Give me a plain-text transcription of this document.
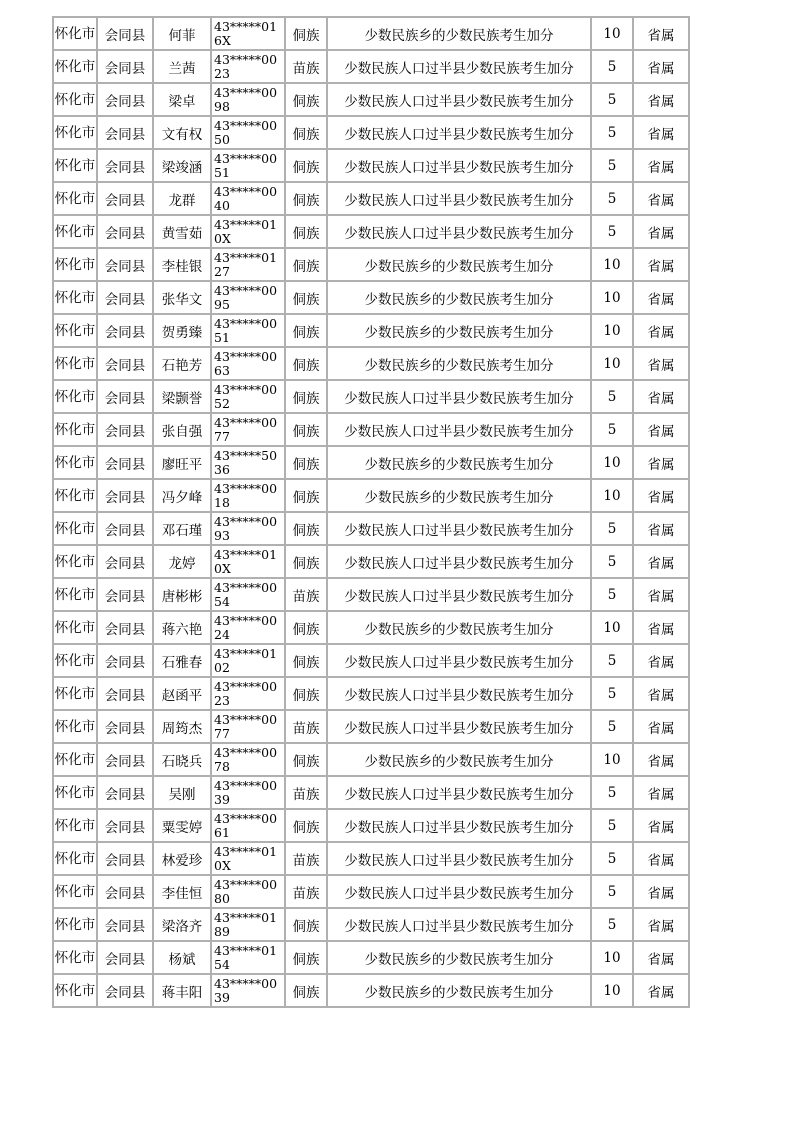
怀化市	会同县	何菲	43*****016X	侗族	少数民族乡的少数民族考生加分	10	省属
怀化市	会同县	兰茜	43*****0023	苗族	少数民族人口过半县少数民族考生加分	5	省属
怀化市	会同县	梁卓	43*****0098	侗族	少数民族人口过半县少数民族考生加分	5	省属
怀化市	会同县	文有权	43*****0050	侗族	少数民族人口过半县少数民族考生加分	5	省属
怀化市	会同县	梁竣涵	43*****0051	侗族	少数民族人口过半县少数民族考生加分	5	省属
怀化市	会同县	龙群	43*****0040	侗族	少数民族人口过半县少数民族考生加分	5	省属
怀化市	会同县	黄雪茹	43*****010X	侗族	少数民族人口过半县少数民族考生加分	5	省属
怀化市	会同县	李桂银	43*****0127	侗族	少数民族乡的少数民族考生加分	10	省属
怀化市	会同县	张华文	43*****0095	侗族	少数民族乡的少数民族考生加分	10	省属
怀化市	会同县	贺勇臻	43*****0051	侗族	少数民族乡的少数民族考生加分	10	省属
怀化市	会同县	石艳芳	43*****0063	侗族	少数民族乡的少数民族考生加分	10	省属
怀化市	会同县	梁颢誉	43*****0052	侗族	少数民族人口过半县少数民族考生加分	5	省属
怀化市	会同县	张自强	43*****0077	侗族	少数民族人口过半县少数民族考生加分	5	省属
怀化市	会同县	廖旺平	43*****5036	侗族	少数民族乡的少数民族考生加分	10	省属
怀化市	会同县	冯夕峰	43*****0018	侗族	少数民族乡的少数民族考生加分	10	省属
怀化市	会同县	邓石瑾	43*****0093	侗族	少数民族人口过半县少数民族考生加分	5	省属
怀化市	会同县	龙婷	43*****010X	侗族	少数民族人口过半县少数民族考生加分	5	省属
怀化市	会同县	唐彬彬	43*****0054	苗族	少数民族人口过半县少数民族考生加分	5	省属
怀化市	会同县	蒋六艳	43*****0024	侗族	少数民族乡的少数民族考生加分	10	省属
怀化市	会同县	石雅春	43*****0102	侗族	少数民族人口过半县少数民族考生加分	5	省属
怀化市	会同县	赵函平	43*****0023	侗族	少数民族人口过半县少数民族考生加分	5	省属
怀化市	会同县	周筠杰	43*****0077	苗族	少数民族人口过半县少数民族考生加分	5	省属
怀化市	会同县	石晓兵	43*****0078	侗族	少数民族乡的少数民族考生加分	10	省属
怀化市	会同县	吴刚	43*****0039	苗族	少数民族人口过半县少数民族考生加分	5	省属
怀化市	会同县	粟雯婷	43*****0061	侗族	少数民族人口过半县少数民族考生加分	5	省属
怀化市	会同县	林爱珍	43*****010X	苗族	少数民族人口过半县少数民族考生加分	5	省属
怀化市	会同县	李佳恒	43*****0080	苗族	少数民族人口过半县少数民族考生加分	5	省属
怀化市	会同县	梁洛齐	43*****0189	侗族	少数民族人口过半县少数民族考生加分	5	省属
怀化市	会同县	杨斌	43*****0154	侗族	少数民族乡的少数民族考生加分	10	省属
怀化市	会同县	蒋丰阳	43*****0039	侗族	少数民族乡的少数民族考生加分	10	省属
